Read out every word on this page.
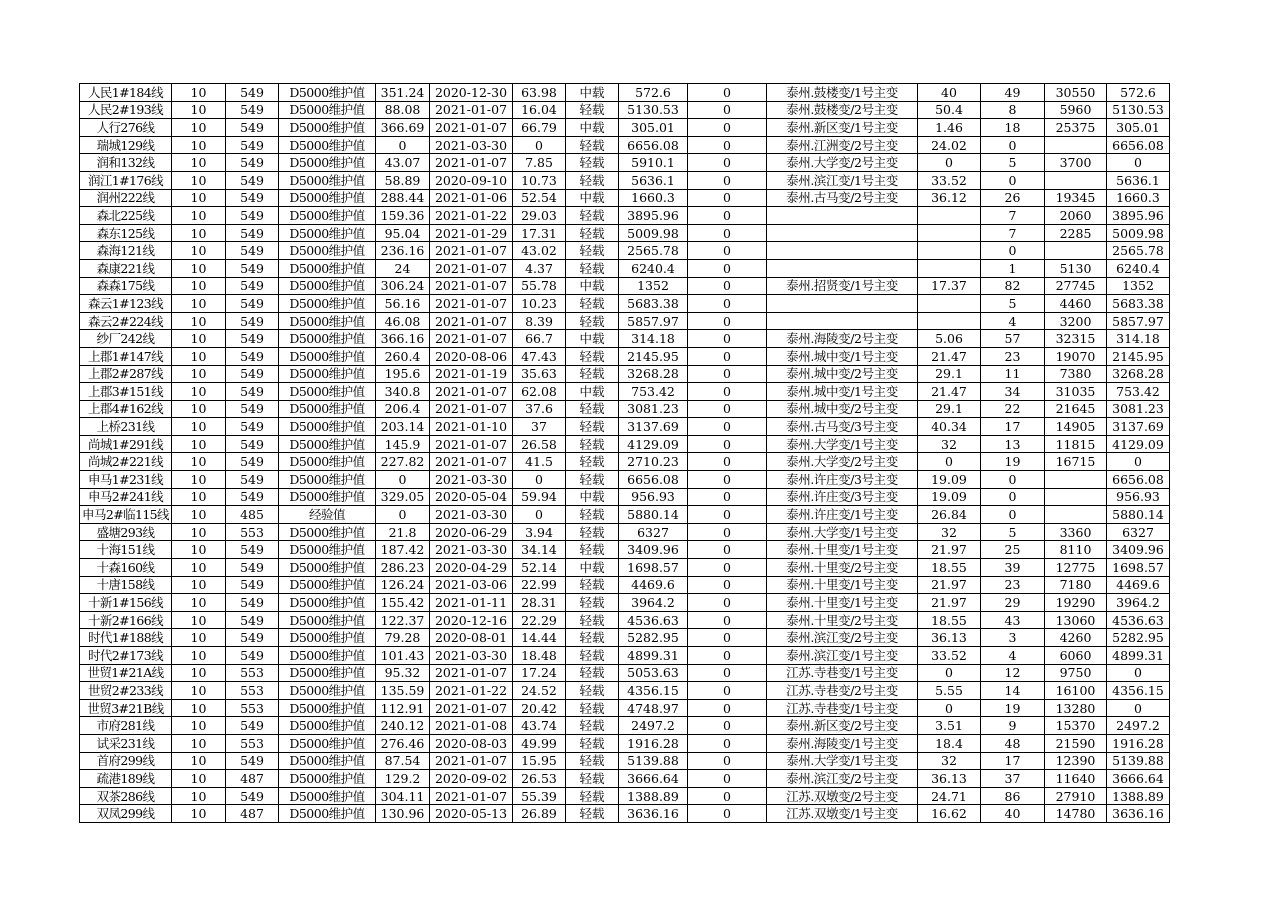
人民1#184线	10	549	D5000维护值	351.24	2020-12-30	63.98	中载	572.6	0	泰州.鼓楼变/1号主变	40	49	30550	572.6
人民2#193线	10	549	D5000维护值	88.08	2021-01-07	16.04	轻载	5130.53	0	泰州.鼓楼变/2号主变	50.4	8	5960	5130.53
人行276线	10	549	D5000维护值	366.69	2021-01-07	66.79	中载	305.01	0	泰州.新区变/1号主变	1.46	18	25375	305.01
瑞城129线	10	549	D5000维护值	0	2021-03-30	0	轻载	6656.08	0	泰州.江洲变/2号主变	24.02	0		6656.08
润和132线	10	549	D5000维护值	43.07	2021-01-07	7.85	轻载	5910.1	0	泰州.大学变/2号主变	0	5	3700	0
润江1#176线	10	549	D5000维护值	58.89	2020-09-10	10.73	轻载	5636.1	0	泰州.滨江变/1号主变	33.52	0		5636.1
润州222线	10	549	D5000维护值	288.44	2021-01-06	52.54	中载	1660.3	0	泰州.古马变/2号主变	36.12	26	19345	1660.3
森北225线	10	549	D5000维护值	159.36	2021-01-22	29.03	轻载	3895.96	0			7	2060	3895.96
森东125线	10	549	D5000维护值	95.04	2021-01-29	17.31	轻载	5009.98	0			7	2285	5009.98
森海121线	10	549	D5000维护值	236.16	2021-01-07	43.02	轻载	2565.78	0			0		2565.78
森康221线	10	549	D5000维护值	24	2021-01-07	4.37	轻载	6240.4	0			1	5130	6240.4
森森175线	10	549	D5000维护值	306.24	2021-01-07	55.78	中载	1352	0	泰州.招贤变/1号主变	17.37	82	27745	1352
森云1#123线	10	549	D5000维护值	56.16	2021-01-07	10.23	轻载	5683.38	0			5	4460	5683.38
森云2#224线	10	549	D5000维护值	46.08	2021-01-07	8.39	轻载	5857.97	0			4	3200	5857.97
纱厂242线	10	549	D5000维护值	366.16	2021-01-07	66.7	中载	314.18	0	泰州.海陵变/2号主变	5.06	57	32315	314.18
上郡1#147线	10	549	D5000维护值	260.4	2020-08-06	47.43	轻载	2145.95	0	泰州.城中变/1号主变	21.47	23	19070	2145.95
上郡2#287线	10	549	D5000维护值	195.6	2021-01-19	35.63	轻载	3268.28	0	泰州.城中变/2号主变	29.1	11	7380	3268.28
上郡3#151线	10	549	D5000维护值	340.8	2021-01-07	62.08	中载	753.42	0	泰州.城中变/1号主变	21.47	34	31035	753.42
上郡4#162线	10	549	D5000维护值	206.4	2021-01-07	37.6	轻载	3081.23	0	泰州.城中变/2号主变	29.1	22	21645	3081.23
上桥231线	10	549	D5000维护值	203.14	2021-01-10	37	轻载	3137.69	0	泰州.古马变/3号主变	40.34	17	14905	3137.69
尚城1#291线	10	549	D5000维护值	145.9	2021-01-07	26.58	轻载	4129.09	0	泰州.大学变/1号主变	32	13	11815	4129.09
尚城2#221线	10	549	D5000维护值	227.82	2021-01-07	41.5	轻载	2710.23	0	泰州.大学变/2号主变	0	19	16715	0
申马1#231线	10	549	D5000维护值	0	2021-03-30	0	轻载	6656.08	0	泰州.许庄变/3号主变	19.09	0		6656.08
申马2#241线	10	549	D5000维护值	329.05	2020-05-04	59.94	中载	956.93	0	泰州.许庄变/3号主变	19.09	0		956.93
申马2#临115线	10	485	经验值	0	2021-03-30	0	轻载	5880.14	0	泰州.许庄变/1号主变	26.84	0		5880.14
盛塘293线	10	553	D5000维护值	21.8	2020-06-29	3.94	轻载	6327	0	泰州.大学变/1号主变	32	5	3360	6327
十海151线	10	549	D5000维护值	187.42	2021-03-30	34.14	轻载	3409.96	0	泰州.十里变/1号主变	21.97	25	8110	3409.96
十森160线	10	549	D5000维护值	286.23	2020-04-29	52.14	中载	1698.57	0	泰州.十里变/2号主变	18.55	39	12775	1698.57
十唐158线	10	549	D5000维护值	126.24	2021-03-06	22.99	轻载	4469.6	0	泰州.十里变/1号主变	21.97	23	7180	4469.6
十新1#156线	10	549	D5000维护值	155.42	2021-01-11	28.31	轻载	3964.2	0	泰州.十里变/1号主变	21.97	29	19290	3964.2
十新2#166线	10	549	D5000维护值	122.37	2020-12-16	22.29	轻载	4536.63	0	泰州.十里变/2号主变	18.55	43	13060	4536.63
时代1#188线	10	549	D5000维护值	79.28	2020-08-01	14.44	轻载	5282.95	0	泰州.滨江变/2号主变	36.13	3	4260	5282.95
时代2#173线	10	549	D5000维护值	101.43	2021-03-30	18.48	轻载	4899.31	0	泰州.滨江变/1号主变	33.52	4	6060	4899.31
世贸1#21A线	10	553	D5000维护值	95.32	2021-01-07	17.24	轻载	5053.63	0	江苏.寺巷变/1号主变	0	12	9750	0
世贸2#233线	10	553	D5000维护值	135.59	2021-01-22	24.52	轻载	4356.15	0	江苏.寺巷变/2号主变	5.55	14	16100	4356.15
世贸3#21B线	10	553	D5000维护值	112.91	2021-01-07	20.42	轻载	4748.97	0	江苏.寺巷变/1号主变	0	19	13280	0
市府281线	10	549	D5000维护值	240.12	2021-01-08	43.74	轻载	2497.2	0	泰州.新区变/2号主变	3.51	9	15370	2497.2
试采231线	10	553	D5000维护值	276.46	2020-08-03	49.99	轻载	1916.28	0	泰州.海陵变/1号主变	18.4	48	21590	1916.28
首府299线	10	549	D5000维护值	87.54	2021-01-07	15.95	轻载	5139.88	0	泰州.大学变/1号主变	32	17	12390	5139.88
疏港189线	10	487	D5000维护值	129.2	2020-09-02	26.53	轻载	3666.64	0	泰州.滨江变/2号主变	36.13	37	11640	3666.64
双茶286线	10	549	D5000维护值	304.11	2021-01-07	55.39	轻载	1388.89	0	江苏.双墩变/2号主变	24.71	86	27910	1388.89
双凤299线	10	487	D5000维护值	130.96	2020-05-13	26.89	轻载	3636.16	0	江苏.双墩变/1号主变	16.62	40	14780	3636.16
